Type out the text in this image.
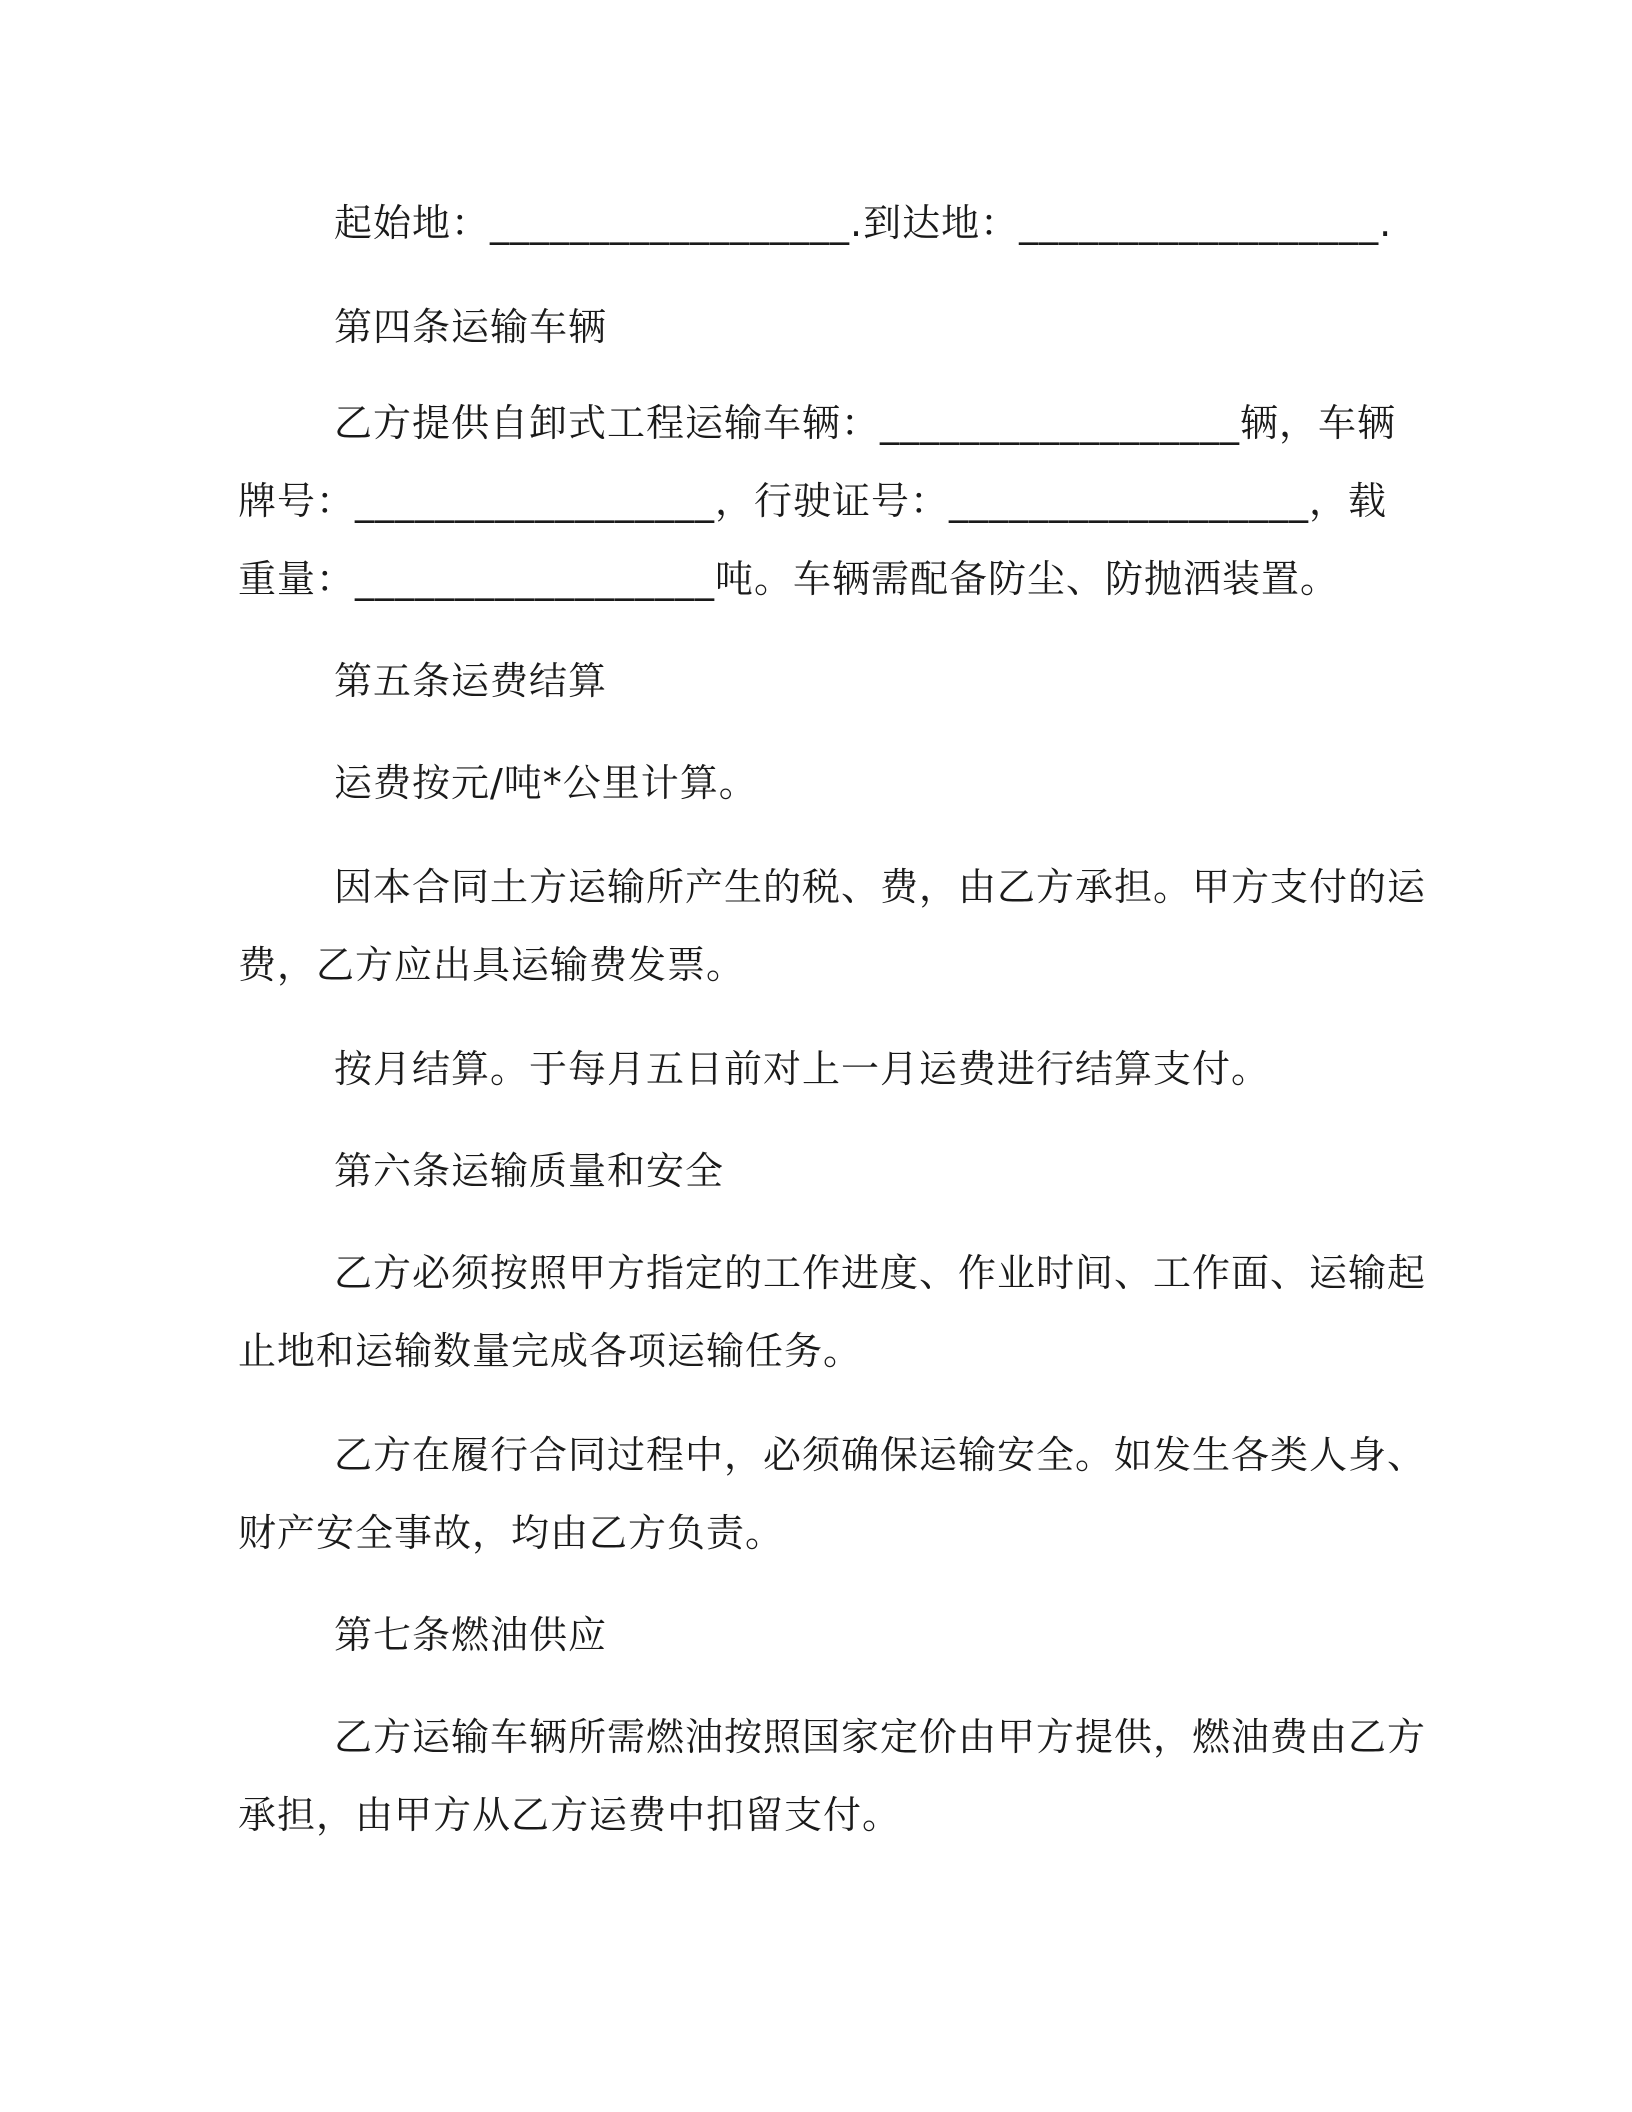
起始地：__________________.到达地：__________________.
第四条运输车辆
乙方提供自卸式工程运输车辆：__________________辆，车辆
牌号：__________________，行驶证号：__________________，载
重量：__________________吨。车辆需配备防尘、防抛洒装置。
第五条运费结算
运费按元/吨*公里计算。
因本合同土方运输所产生的税、费，由乙方承担。甲方支付的运
费，乙方应出具运输费发票。
按月结算。于每月五日前对上一月运费进行结算支付。
第六条运输质量和安全
乙方必须按照甲方指定的工作进度、作业时间、工作面、运输起
止地和运输数量完成各项运输任务。
乙方在履行合同过程中，必须确保运输安全。如发生各类人身、
财产安全事故，均由乙方负责。
第七条燃油供应
乙方运输车辆所需燃油按照国家定价由甲方提供，燃油费由乙方
承担，由甲方从乙方运费中扣留支付。
